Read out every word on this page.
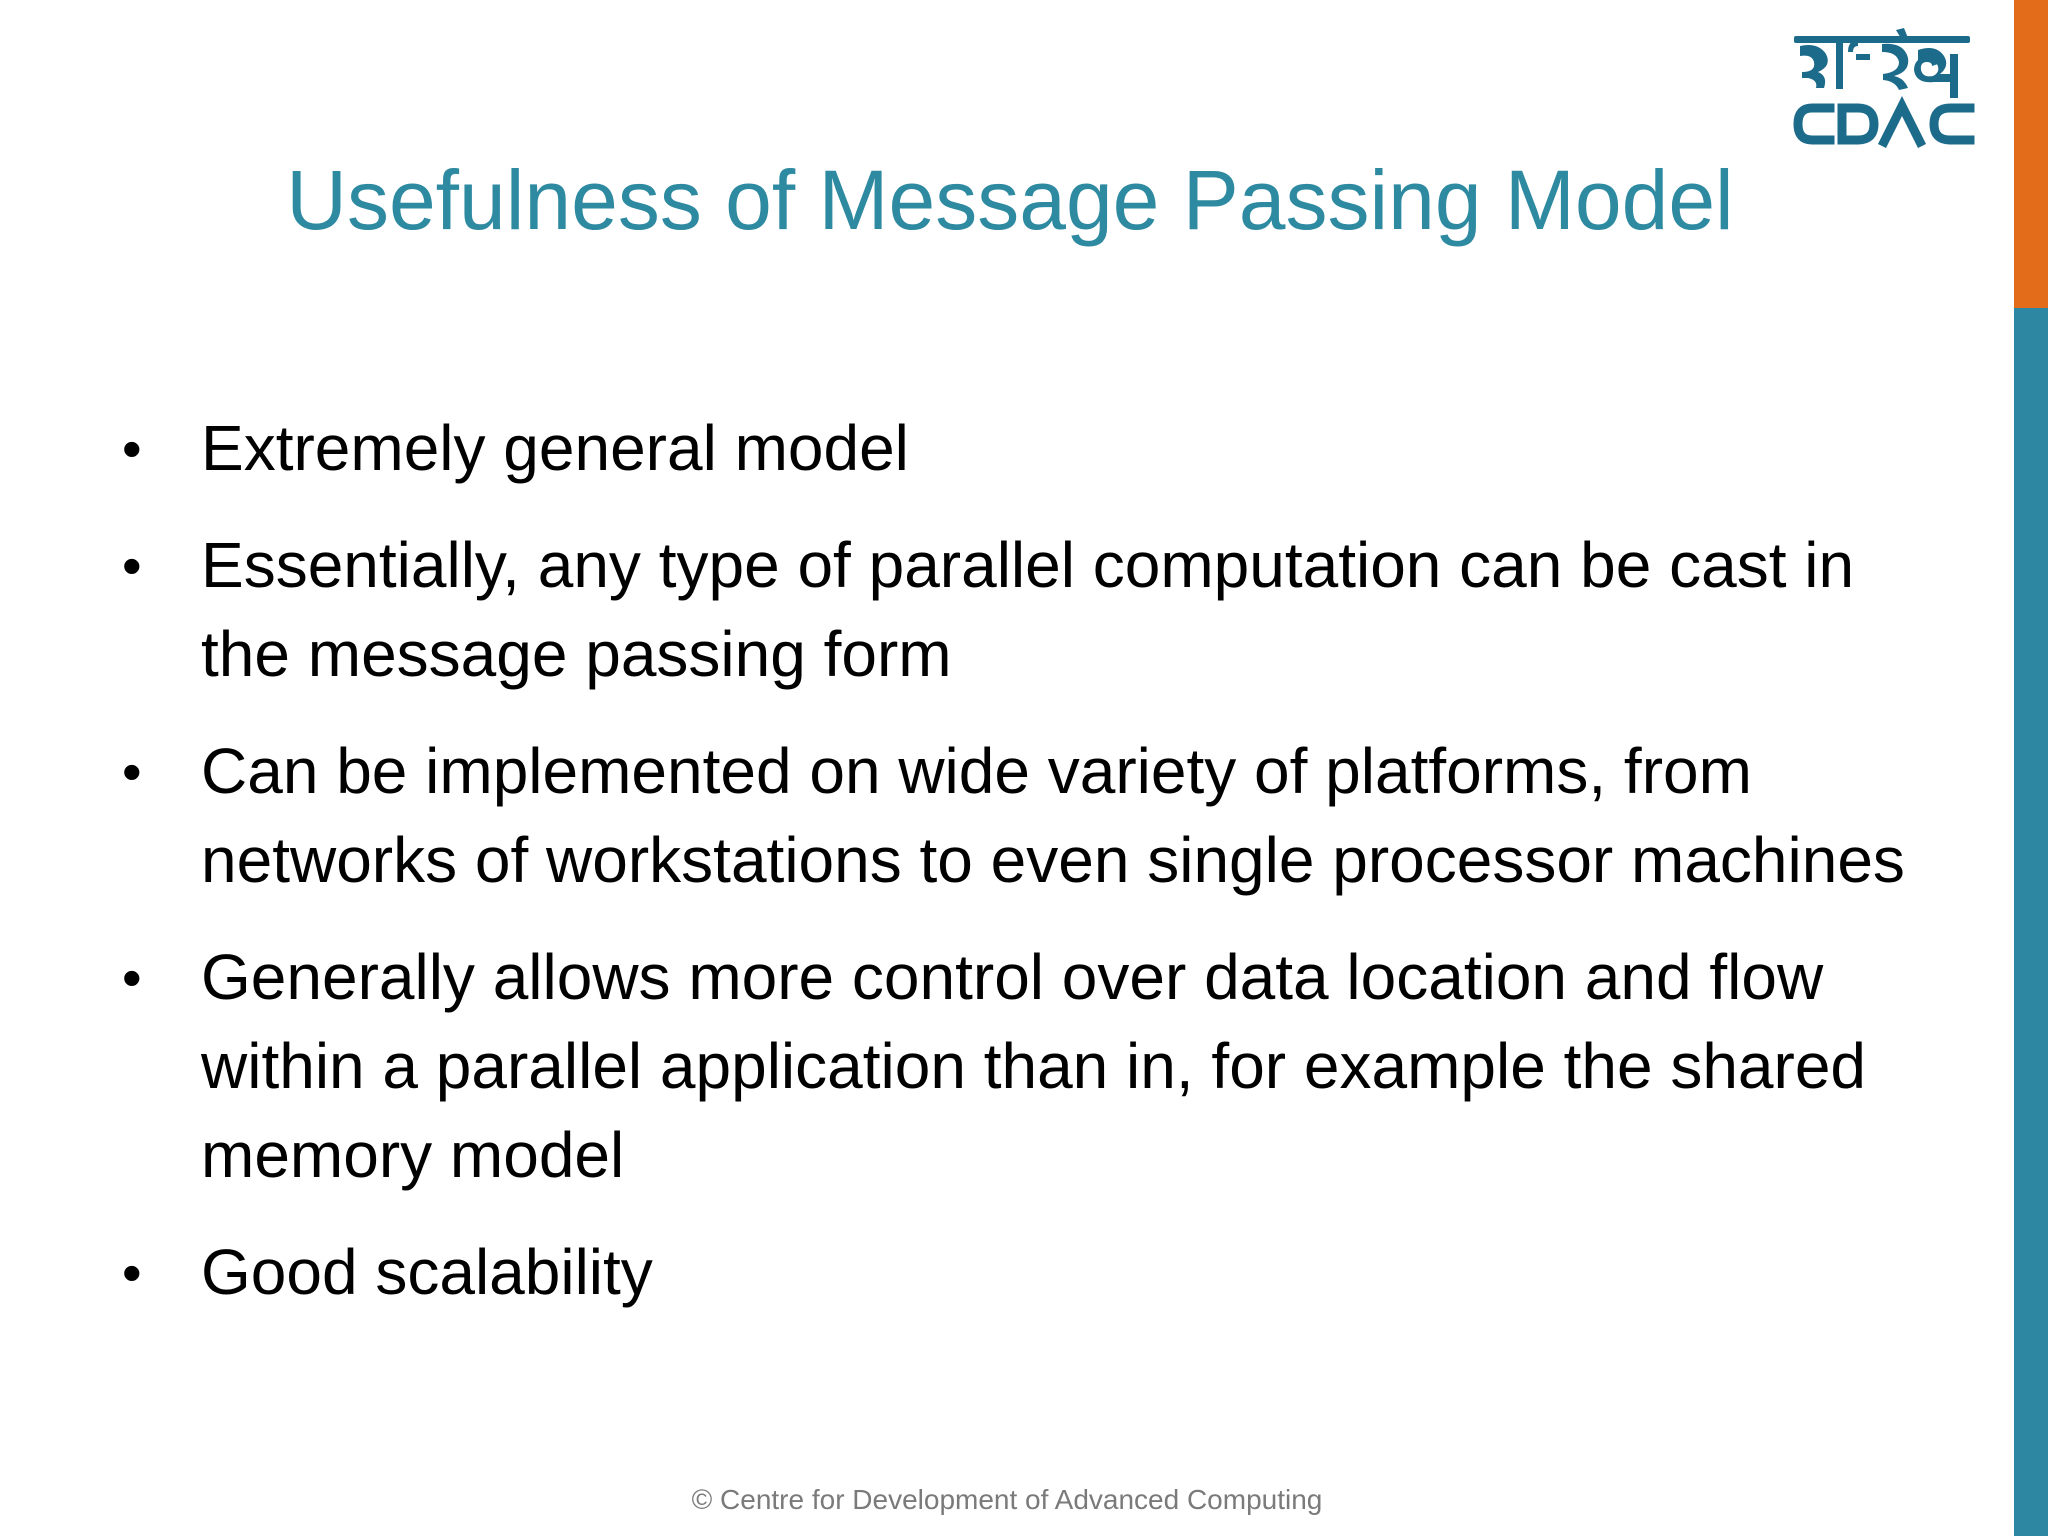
Usefulness of Message Passing Model
• Extremely general model
• Essentially, any type of parallel computation can be cast in the message passing form
• Can be implemented on wide variety of platforms, from networks of workstations to even single processor machines
• Generally allows more control over data location and flow within a parallel application than in, for example the shared memory model
• Good scalability
© Centre for Development of Advanced Computing
